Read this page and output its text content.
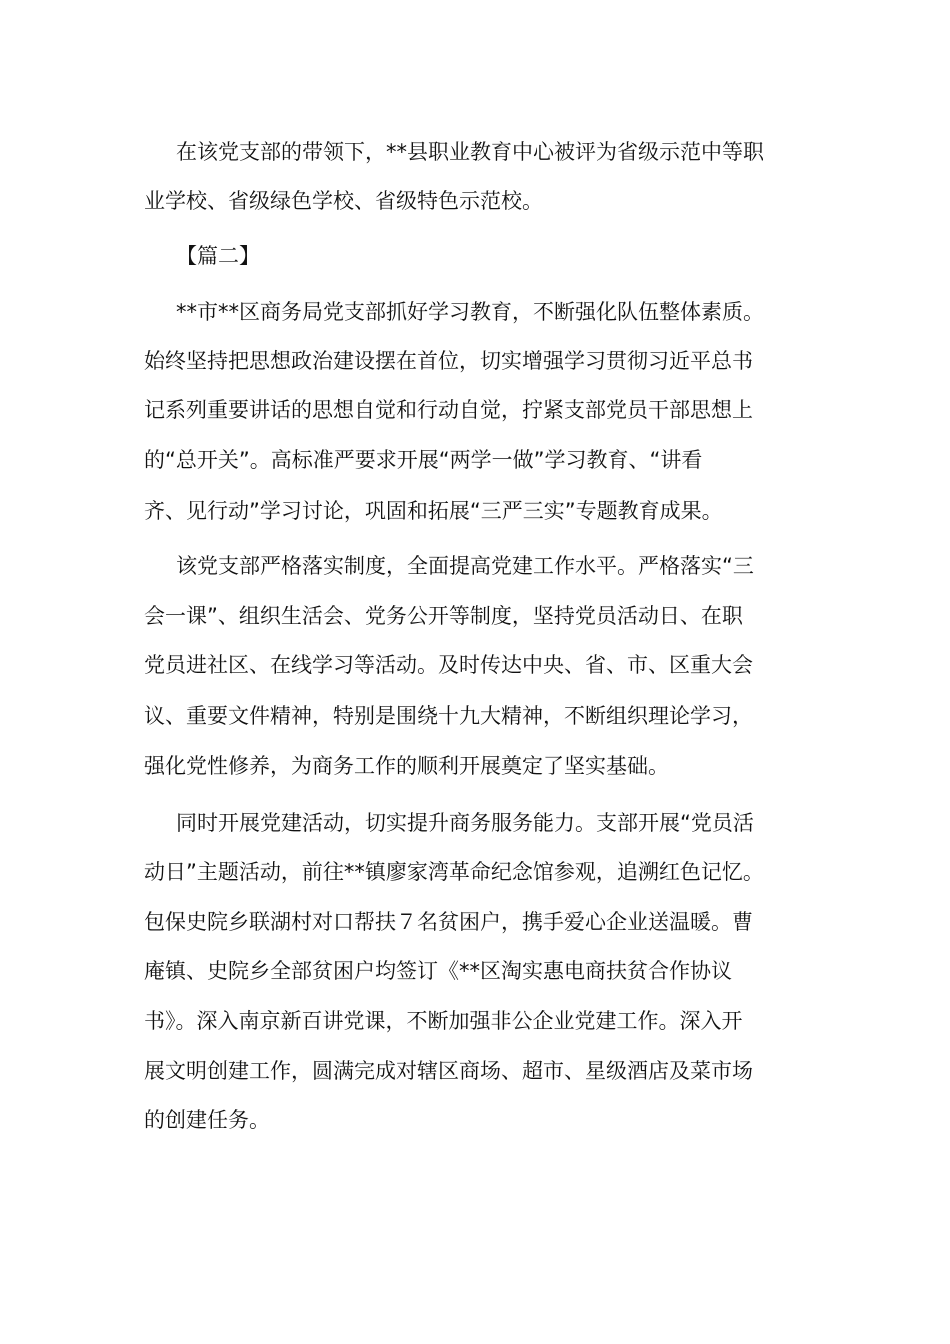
在该党支部的带领下，**县职业教育中心被评为省级示范中等职

业学校、省级绿色学校、省级特色示范校。

【篇二】

**市**区商务局党支部抓好学习教育，不断强化队伍整体素质。

始终坚持把思想政治建设摆在首位，切实增强学习贯彻习近平总书

记系列重要讲话的思想自觉和行动自觉，拧紧支部党员干部思想上

的“总开关”。高标准严要求开展“两学一做”学习教育、“讲看

齐、见行动”学习讨论，巩固和拓展“三严三实”专题教育成果。

该党支部严格落实制度，全面提高党建工作水平。严格落实“三

会一课”、组织生活会、党务公开等制度，坚持党员活动日、在职

党员进社区、在线学习等活动。及时传达中央、省、市、区重大会

议、重要文件精神，特别是围绕十九大精神，不断组织理论学习，

强化党性修养，为商务工作的顺利开展奠定了坚实基础。

同时开展党建活动，切实提升商务服务能力。支部开展“党员活

动日”主题活动，前往**镇廖家湾革命纪念馆参观，追溯红色记忆。

包保史院乡联湖村对口帮扶７名贫困户，携手爱心企业送温暖。曹

庵镇、史院乡全部贫困户均签订《**区淘实惠电商扶贫合作协议

书》。深入南京新百讲党课，不断加强非公企业党建工作。深入开

展文明创建工作，圆满完成对辖区商场、超市、星级酒店及菜市场

的创建任务。
